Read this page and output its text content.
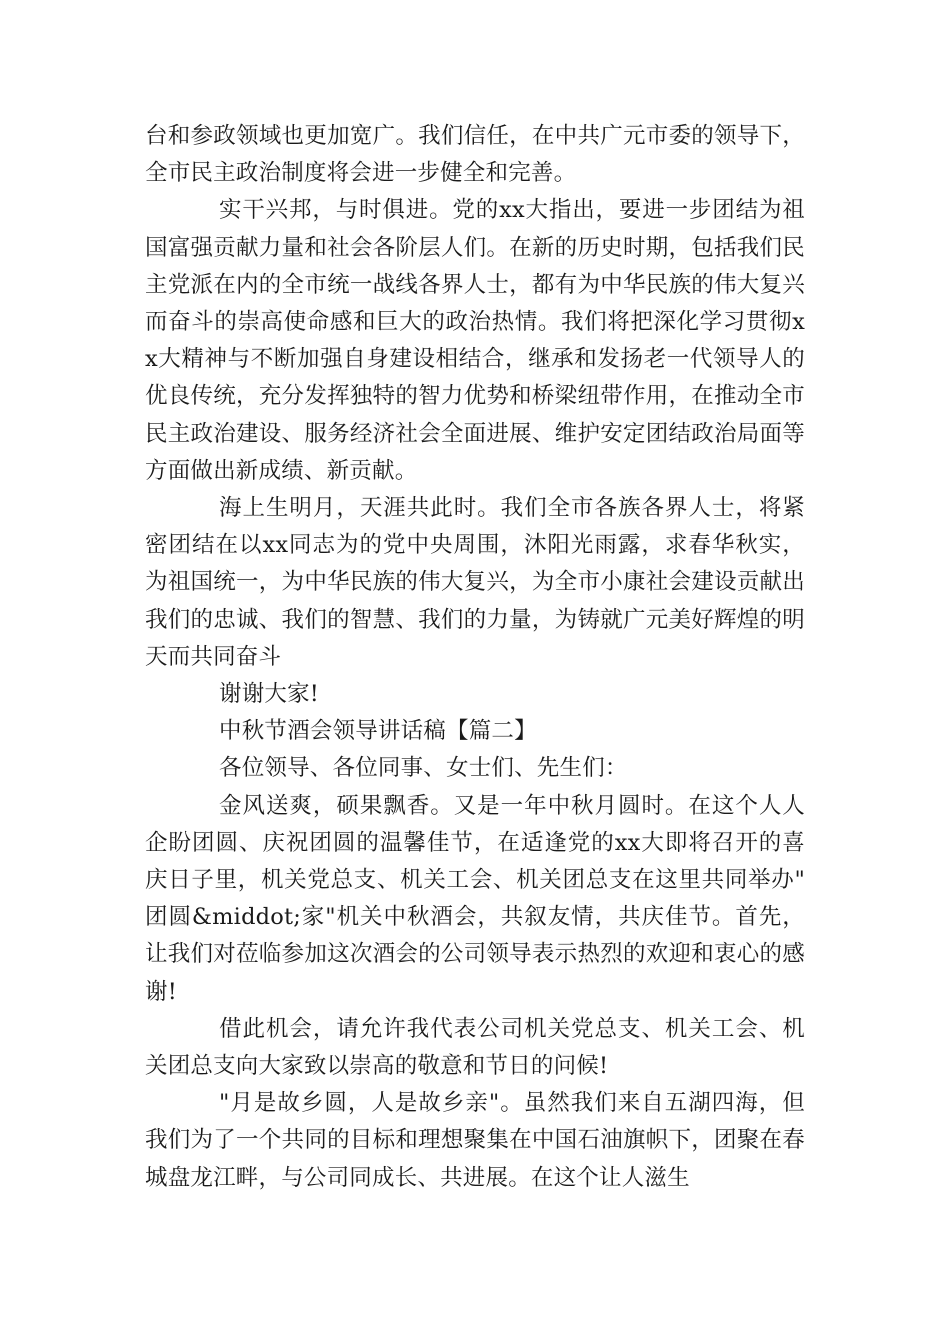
台和参政领域也更加宽广。我们信任，在中共广元市委的领导下，全市民主政治制度将会进一步健全和完善。

实干兴邦，与时俱进。党的xx大指出，要进一步团结为祖国富强贡献力量和社会各阶层人们。在新的历史时期，包括我们民主党派在内的全市统一战线各界人士，都有为中华民族的伟大复兴而奋斗的崇高使命感和巨大的政治热情。我们将把深化学习贯彻xx大精神与不断加强自身建设相结合，继承和发扬老一代领导人的优良传统，充分发挥独特的智力优势和桥梁纽带作用，在推动全市民主政治建设、服务经济社会全面进展、维护安定团结政治局面等方面做出新成绩、新贡献。

海上生明月，天涯共此时。我们全市各族各界人士，将紧密团结在以xx同志为的党中央周围，沐阳光雨露，求春华秋实，为祖国统一，为中华民族的伟大复兴，为全市小康社会建设贡献出我们的忠诚、我们的智慧、我们的力量，为铸就广元美好辉煌的明天而共同奋斗

谢谢大家!

中秋节酒会领导讲话稿【篇二】

各位领导、各位同事、女士们、先生们：

金风送爽，硕果飘香。又是一年中秋月圆时。在这个人人企盼团圆、庆祝团圆的温馨佳节，在适逢党的xx大即将召开的喜庆日子里，机关党总支、机关工会、机关团总支在这里共同举办"团圆&middot;家"机关中秋酒会，共叙友情，共庆佳节。首先，让我们对莅临参加这次酒会的公司领导表示热烈的欢迎和衷心的感谢!

借此机会，请允许我代表公司机关党总支、机关工会、机关团总支向大家致以崇高的敬意和节日的问候!

"月是故乡圆，人是故乡亲"。虽然我们来自五湖四海，但我们为了一个共同的目标和理想聚集在中国石油旗帜下，团聚在春城盘龙江畔，与公司同成长、共进展。在这个让人滋生
